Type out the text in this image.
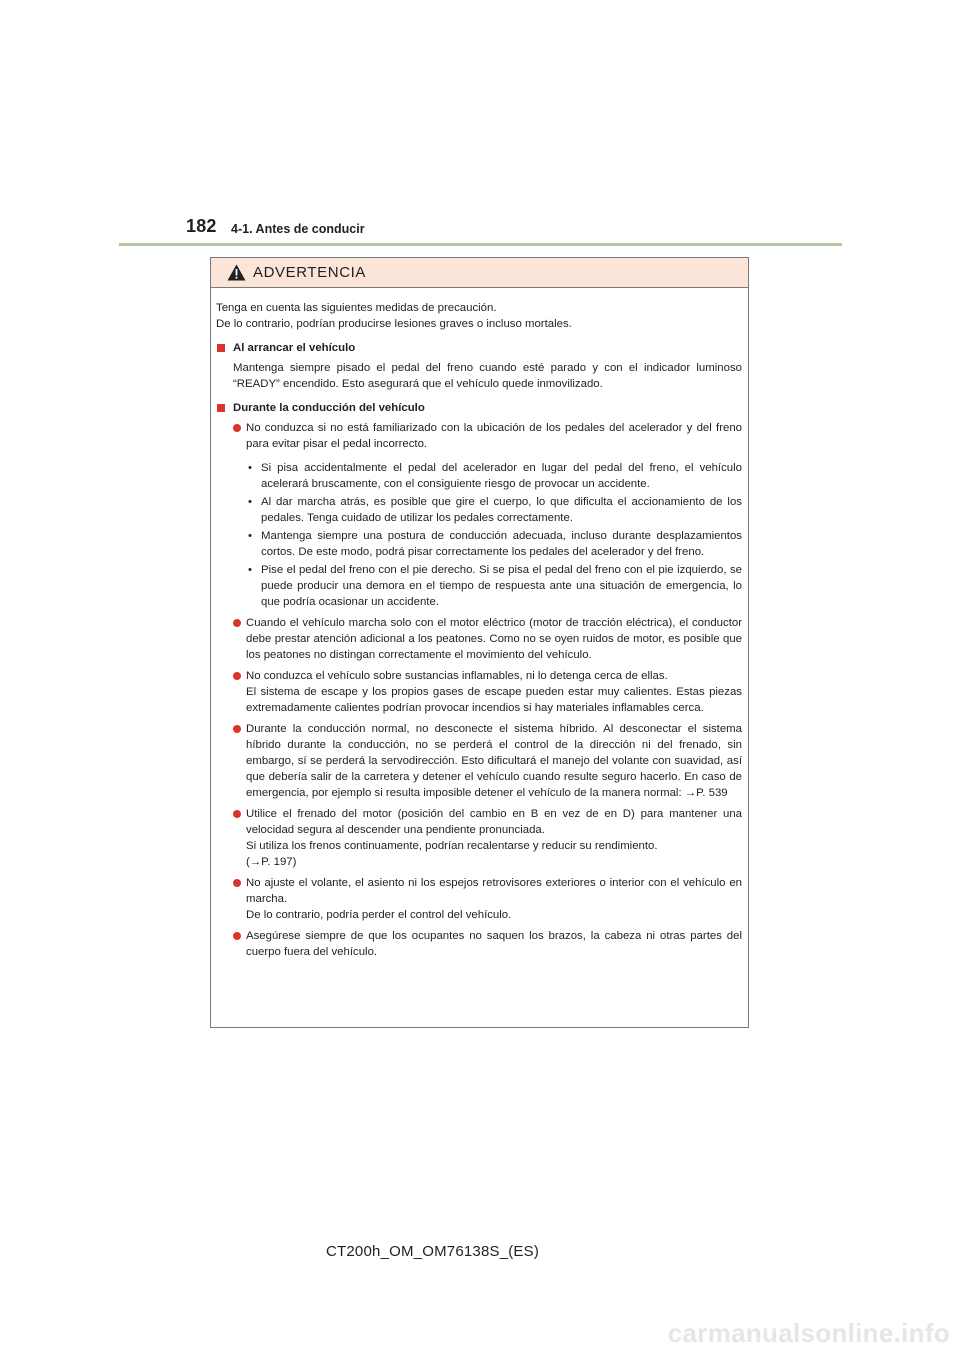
182 4-1. Antes de conducir
ADVERTENCIA
Tenga en cuenta las siguientes medidas de precaución.
De lo contrario, podrían producirse lesiones graves o incluso mortales.
Al arrancar el vehículo
Mantenga siempre pisado el pedal del freno cuando esté parado y con el indicador luminoso “READY” encendido. Esto asegurará que el vehículo quede inmovilizado.
Durante la conducción del vehículo
No conduzca si no está familiarizado con la ubicación de los pedales del acelerador y del freno para evitar pisar el pedal incorrecto.
• Si pisa accidentalmente el pedal del acelerador en lugar del pedal del freno, el vehículo acelerará bruscamente, con el consiguiente riesgo de provocar un accidente.
• Al dar marcha atrás, es posible que gire el cuerpo, lo que dificulta el accionamiento de los pedales. Tenga cuidado de utilizar los pedales correctamente.
• Mantenga siempre una postura de conducción adecuada, incluso durante desplazamientos cortos. De este modo, podrá pisar correctamente los pedales del acelerador y del freno.
• Pise el pedal del freno con el pie derecho. Si se pisa el pedal del freno con el pie izquierdo, se puede producir una demora en el tiempo de respuesta ante una situación de emergencia, lo que podría ocasionar un accidente.
Cuando el vehículo marcha solo con el motor eléctrico (motor de tracción eléctrica), el conductor debe prestar atención adicional a los peatones. Como no se oyen ruidos de motor, es posible que los peatones no distingan correctamente el movimiento del vehículo.
No conduzca el vehículo sobre sustancias inflamables, ni lo detenga cerca de ellas.
El sistema de escape y los propios gases de escape pueden estar muy calientes. Estas piezas extremadamente calientes podrían provocar incendios si hay materiales inflamables cerca.
Durante la conducción normal, no desconecte el sistema híbrido. Al desconectar el sistema híbrido durante la conducción, no se perderá el control de la dirección ni del frenado, sin embargo, sí se perderá la servodirección. Esto dificultará el manejo del volante con suavidad, así que debería salir de la carretera y detener el vehículo cuando resulte seguro hacerlo. En caso de emergencia, por ejemplo si resulta imposible detener el vehículo de la manera normal: →P. 539
Utilice el frenado del motor (posición del cambio en B en vez de en D) para mantener una velocidad segura al descender una pendiente pronunciada.
Si utiliza los frenos continuamente, podrían recalentarse y reducir su rendimiento.
(→P. 197)
No ajuste el volante, el asiento ni los espejos retrovisores exteriores o interior con el vehículo en marcha.
De lo contrario, podría perder el control del vehículo.
Asegúrese siempre de que los ocupantes no saquen los brazos, la cabeza ni otras partes del cuerpo fuera del vehículo.
CT200h_OM_OM76138S_(ES)
carmanualsonline.info
